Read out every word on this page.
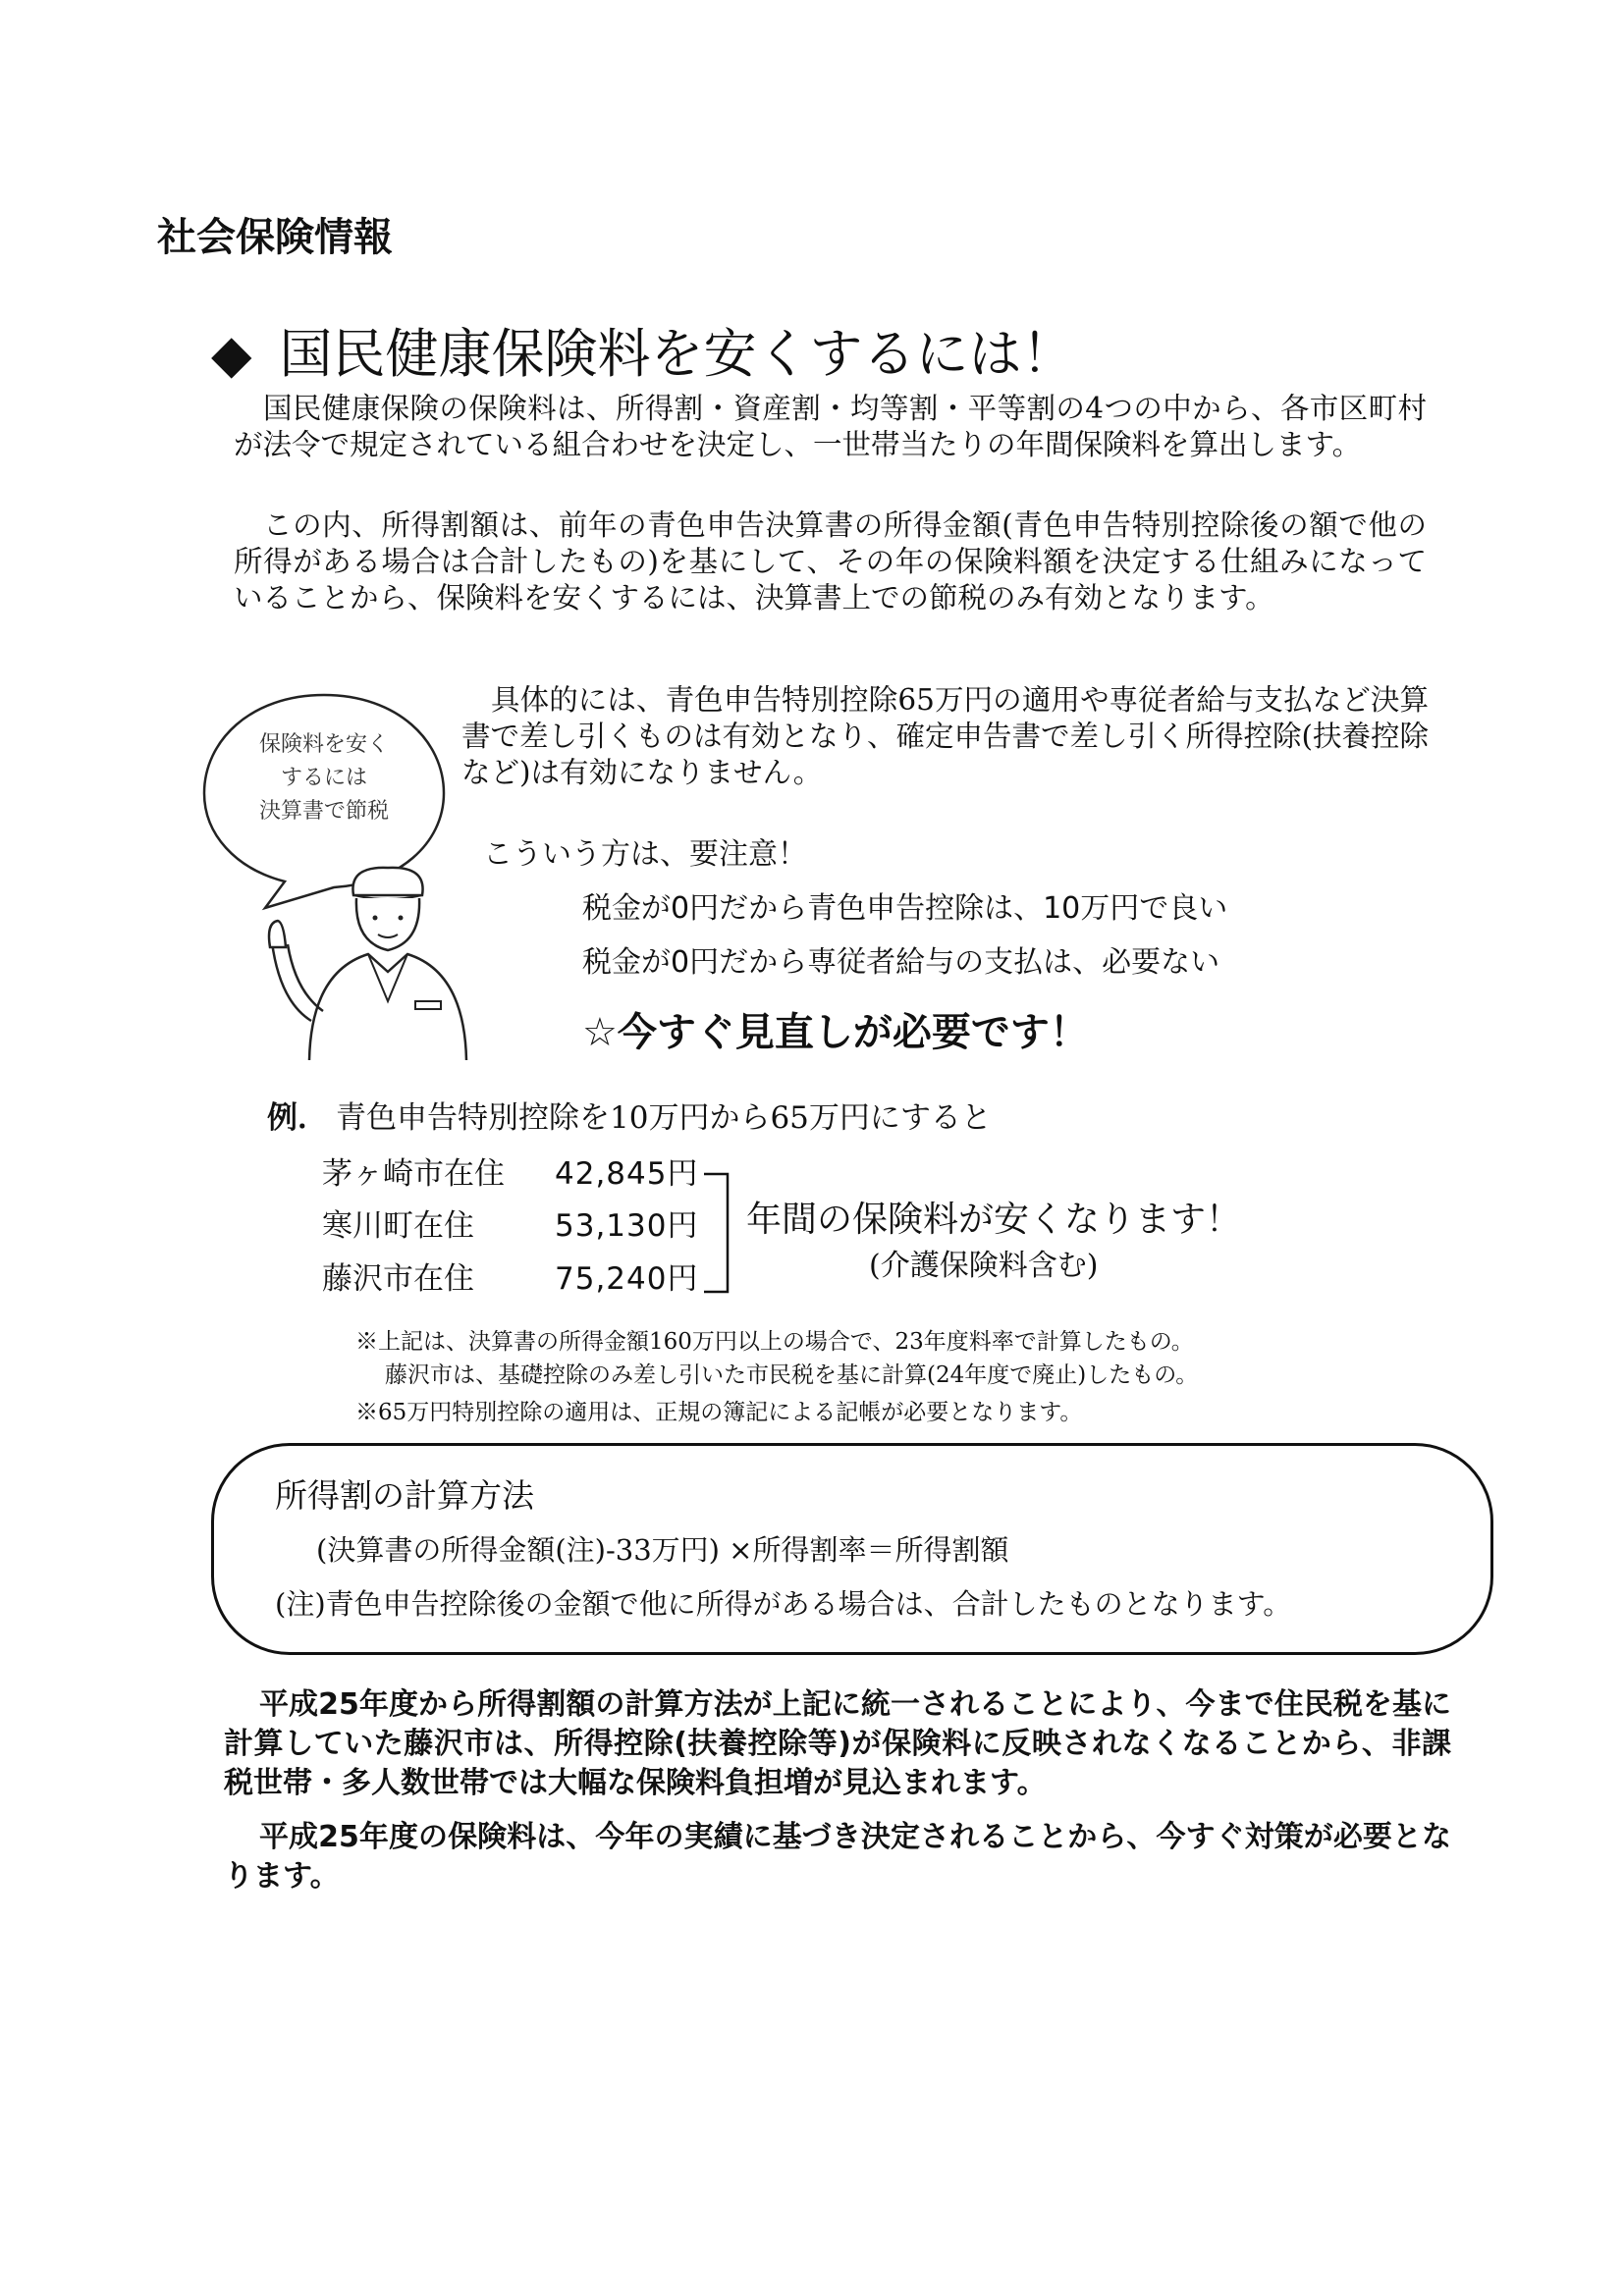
社会保険情報
◆ 国民健康保険料を安くするには！
国民健康保険の保険料は、所得割・資産割・均等割・平等割の4つの中から、各市区町村が法令で規定されている組合わせを決定し、一世帯当たりの年間保険料を算出します。
この内、所得割額は、前年の青色申告決算書の所得金額(青色申告特別控除後の額で他の所得がある場合は合計したもの)を基にして、その年の保険料額を決定する仕組みになっていることから、保険料を安くするには、決算書上での節税のみ有効となります。
具体的には、青色申告特別控除65万円の適用や専従者給与支払など決算書で差し引くものは有効となり、確定申告書で差し引く所得控除(扶養控除など)は有効になりません。
保険料を安く
するには
決算書で節税
こういう方は、要注意！
税金が0円だから青色申告控除は、10万円で良い
税金が0円だから専従者給与の支払は、必要ない
☆今すぐ見直しが必要です！
例． 青色申告特別控除を10万円から65万円にすると
茅ヶ崎市在住 42,845円
寒川町在住	53,130円
藤沢市在住	75,240円
年間の保険料が安くなります！
(介護保険料含む)
※上記は、決算書の所得金額160万円以上の場合で、23年度料率で計算したもの。
藤沢市は、基礎控除のみ差し引いた市民税を基に計算(24年度で廃止)したもの。
※65万円特別控除の適用は、正規の簿記による記帳が必要となります。
所得割の計算方法
(決算書の所得金額(注)-33万円) ×所得割率＝所得割額
(注)青色申告控除後の金額で他に所得がある場合は、合計したものとなります。
平成25年度から所得割額の計算方法が上記に統一されることにより、今まで住民税を基に計算していた藤沢市は、所得控除(扶養控除等)が保険料に反映されなくなることから、非課税世帯・多人数世帯では大幅な保険料負担増が見込まれます。
平成25年度の保険料は、今年の実績に基づき決定されることから、今すぐ対策が必要となります。
